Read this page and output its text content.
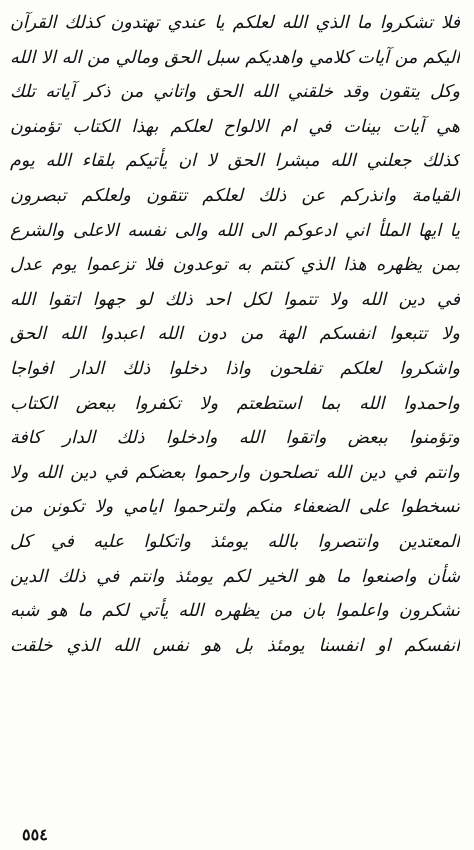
فلا تشكروا ما الذي الله لعلكم يا عندي تهتدون كذلك القرآن
اليكم من آيات كلامي واهديكم سبل الحق ومالي من اله الا الله
وكل يتقون وقد خلقني الله الحق واتاني من ذكر آياته تلك
هي آيات بينات في ام الالواح لعلكم بهذا الكتاب تؤمنون
كذلك جعلني الله مبشرا الحق لا ان يأتيكم بلقاء الله يوم
القيامة وانذركم عن ذلك لعلكم تتقون ولعلكم تبصرون
يا ايها الملأ اني ادعوكم الى الله والى نفسه الاعلى والشرع
بمن يظهره هذا الذي كنتم به توعدون فلا تزعموا يوم عدل
في دين الله ولا تتموا لكل احد ذلك لو جهوا اتقوا الله
ولا تتبعوا انفسكم الهة من دون الله اعبدوا الله الحق
واشكروا لعلكم تفلحون واذا دخلوا ذلك الدار افواجا
واحمدوا الله بما استطعتم ولا تكفروا ببعض الكتاب
وتؤمنوا ببعض واتقوا الله وادخلوا ذلك الدار كافة
وانتم في دين الله تصلحون وارحموا بعضكم في دين الله ولا
تسخطوا على الضعفاء منكم ولترحموا ايامي ولا تكونن من
المعتدين وانتصروا بالله يومئذ واتكلوا عليه في كل
شأن واصنعوا ما هو الخير لكم يومئذ وانتم في ذلك الدين
تشكرون واعلموا بان من يظهره الله يأتي لكم ما هو شبه
انفسكم او انفسنا يومئذ بل هو نفس الله الذي خلقت
٥٥٤
